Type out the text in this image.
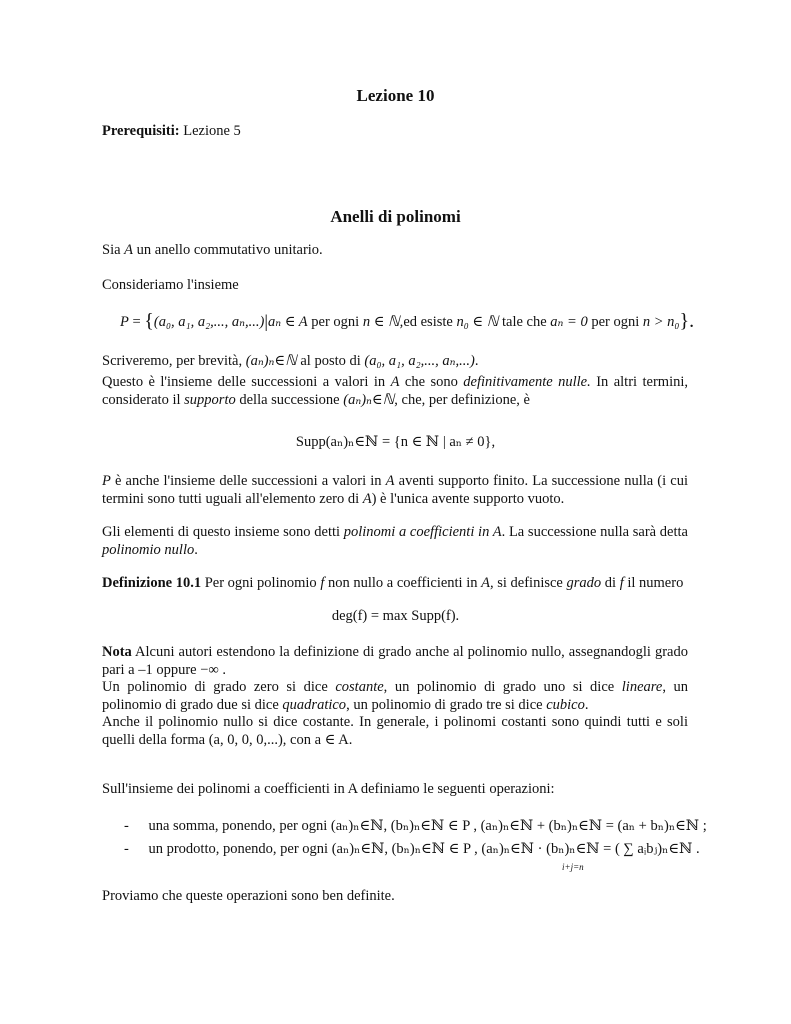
Lezione 10
Prerequisiti: Lezione 5
Anelli di polinomi
Sia A un anello commutativo unitario.
Consideriamo l'insieme
P = {(a₀, a₁, a₂,..., aₙ,...)|aₙ ∈ A per ogni n ∈ ℕ,ed esiste n₀ ∈ ℕ tale che aₙ = 0 per ogni n > n₀}.
Scriveremo, per brevità, (aₙ)ₙ∈ℕ al posto di (a₀, a₁, a₂,..., aₙ,...).
Questo è l'insieme delle successioni a valori in A che sono definitivamente nulle. In altri termini, considerato il supporto della successione (aₙ)ₙ∈ℕ, che, per definizione, è
Supp(aₙ)ₙ∈ℕ = {n ∈ ℕ | aₙ ≠ 0},
P è anche l'insieme delle successioni a valori in A aventi supporto finito. La successione nulla (i cui termini sono tutti uguali all'elemento zero di A) è l'unica avente supporto vuoto.
Gli elementi di questo insieme sono detti polinomi a coefficienti in A. La successione nulla sarà detta polinomio nullo.
Definizione 10.1 Per ogni polinomio f non nullo a coefficienti in A, si definisce grado di f il numero
deg(f) = max Supp(f).
Nota Alcuni autori estendono la definizione di grado anche al polinomio nullo, assegnandogli grado pari a –1 oppure −∞ .
Un polinomio di grado zero si dice costante, un polinomio di grado uno si dice lineare, un polinomio di grado due si dice quadratico, un polinomio di grado tre si dice cubico.
Anche il polinomio nullo si dice costante. In generale, i polinomi costanti sono quindi tutti e soli quelli della forma (a, 0, 0, 0,...), con a ∈ A.
Sull'insieme dei polinomi a coefficienti in A definiamo le seguenti operazioni:
- una somma, ponendo, per ogni (aₙ)ₙ∈ℕ, (bₙ)ₙ∈ℕ ∈ P , (aₙ)ₙ∈ℕ + (bₙ)ₙ∈ℕ = (aₙ + bₙ)ₙ∈ℕ ;
- un prodotto, ponendo, per ogni (aₙ)ₙ∈ℕ, (bₙ)ₙ∈ℕ ∈ P , (aₙ)ₙ∈ℕ · (bₙ)ₙ∈ℕ = ( ∑ aᵢbⱼ)ₙ∈ℕ .
i+j=n
Proviamo che queste operazioni sono ben definite.
